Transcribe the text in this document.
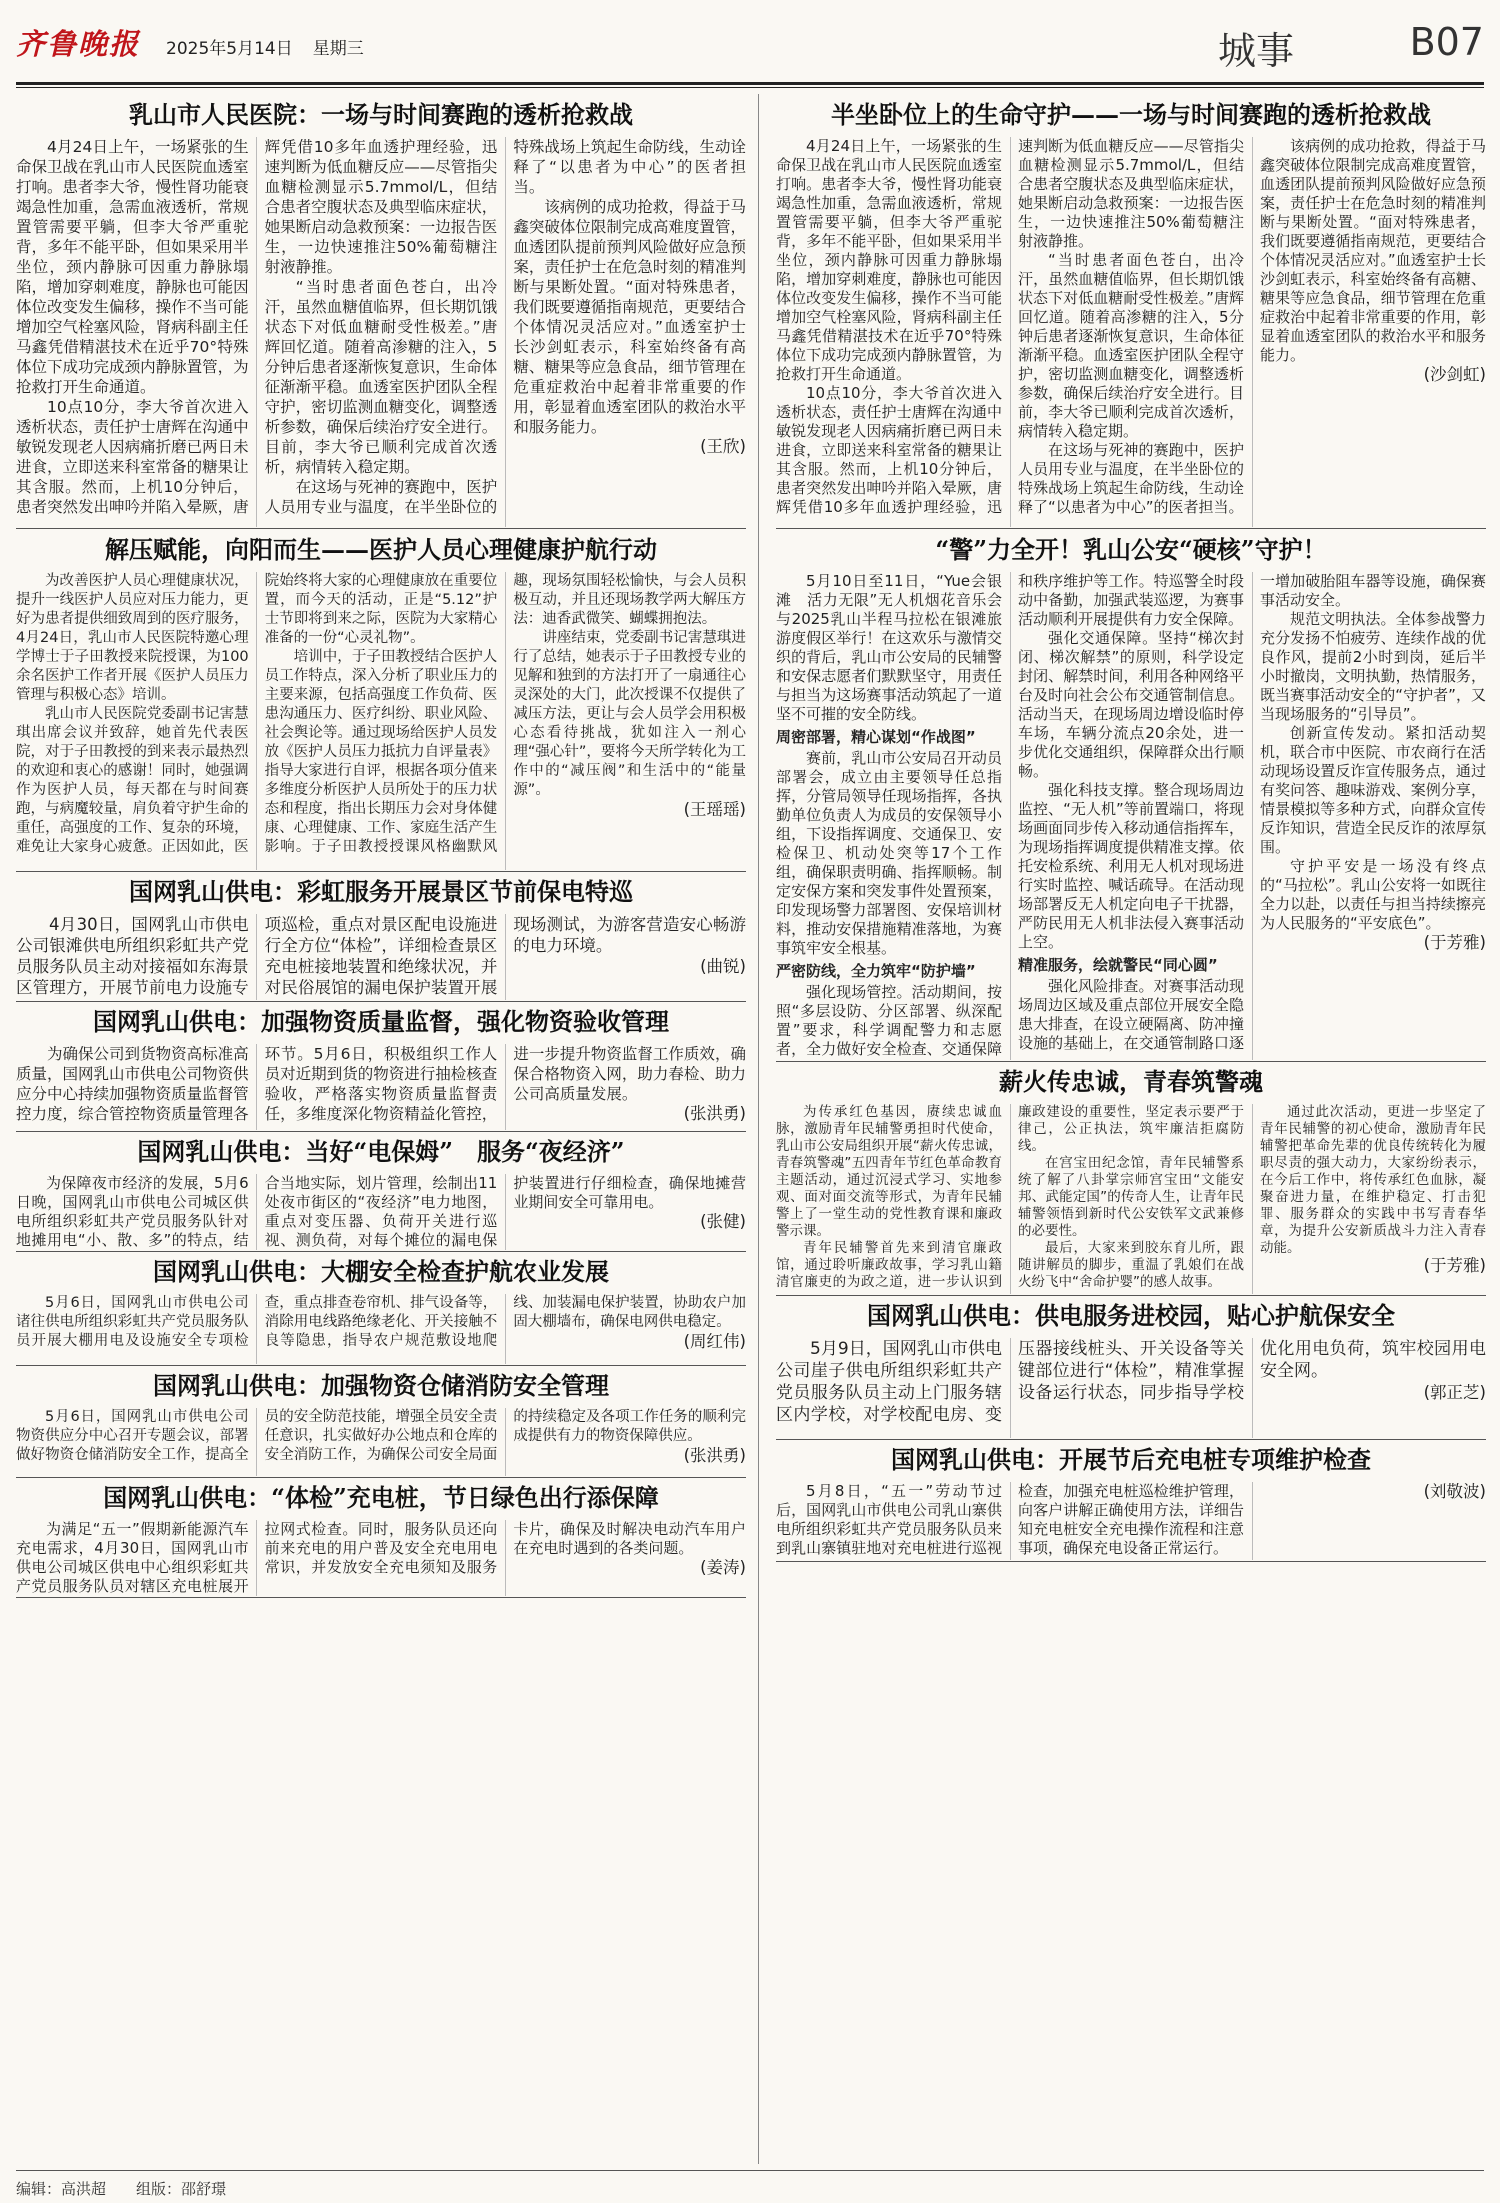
齐鲁晚报 2025年5月14日 星期三	城事	B07
乳山市人民医院：一场与时间赛跑的透析抢救战

4月24日上午，一场紧张的生命保卫战在乳山市人民医院血透室打响。患者李大爷，慢性肾功能衰竭急性加重，急需血液透析，常规置管需要平躺，但李大爷严重驼背，多年不能平卧，但如果采用半坐位，颈内静脉可因重力静脉塌陷，增加穿刺难度，静脉也可能因体位改变发生偏移，操作不当可能增加空气栓塞风险，肾病科副主任马鑫凭借精湛技术在近乎70°特殊体位下成功完成颈内静脉置管，为抢救打开生命通道。

10点10分，李大爷首次进入透析状态，责任护士唐辉在沟通中敏锐发现老人因病痛折磨已两日未进食，立即送来科室常备的糖果让其含服。然而，上机10分钟后，患者突然发出呻吟并陷入晕厥，唐辉凭借10多年血透护理经验，迅速判断为低血糖反应——尽管指尖血糖检测显示5.7mmol/L，但结合患者空腹状态及典型临床症状，她果断启动急救预案：一边报告医生，一边快速推注50%葡萄糖注射液静推。

“当时患者面色苍白，出冷汗，虽然血糖值临界，但长期饥饿状态下对低血糖耐受性极差。”唐辉回忆道。随着高渗糖的注入，5分钟后患者逐渐恢复意识，生命体征渐渐平稳。血透室医护团队全程守护，密切监测血糖变化，调整透析参数，确保后续治疗安全进行。目前，李大爷已顺利完成首次透析，病情转入稳定期。

在这场与死神的赛跑中，医护人员用专业与温度，在半坐卧位的特殊战场上筑起生命防线，生动诠释了“以患者为中心”的医者担当。

该病例的成功抢救，得益于马鑫突破体位限制完成高难度置管，血透团队提前预判风险做好应急预案，责任护士在危急时刻的精准判断与果断处置。“面对特殊患者，我们既要遵循指南规范，更要结合个体情况灵活应对。”血透室护士长沙剑虹表示，科室始终备有高糖、糖果等应急食品，细节管理在危重症救治中起着非常重要的作用，彰显着血透室团队的救治水平和服务能力。

(王欣)

半坐卧位上的生命守护——一场与时间赛跑的透析抢救战

4月24日上午，一场紧张的生命保卫战在乳山市人民医院血透室打响。患者李大爷，慢性肾功能衰竭急性加重，急需血液透析，常规置管需要平躺，但李大爷严重驼背，多年不能平卧，但如果采用半坐位，颈内静脉可因重力静脉塌陷，增加穿刺难度，静脉也可能因体位改变发生偏移，操作不当可能增加空气栓塞风险，肾病科副主任马鑫凭借精湛技术在近乎70°特殊体位下成功完成颈内静脉置管，为抢救打开生命通道。

10点10分，李大爷首次进入透析状态，责任护士唐辉在沟通中敏锐发现老人因病痛折磨已两日未进食，立即送来科室常备的糖果让其含服。然而，上机10分钟后，患者突然发出呻吟并陷入晕厥，唐辉凭借10多年血透护理经验，迅速判断为低血糖反应——尽管指尖血糖检测显示5.7mmol/L，但结合患者空腹状态及典型临床症状，她果断启动急救预案：一边报告医生，一边快速推注50%葡萄糖注射液静推。

“当时患者面色苍白，出冷汗，虽然血糖值临界，但长期饥饿状态下对低血糖耐受性极差。”唐辉回忆道。随着高渗糖的注入，5分钟后患者逐渐恢复意识，生命体征渐渐平稳。血透室医护团队全程守护，密切监测血糖变化，调整透析参数，确保后续治疗安全进行。目前，李大爷已顺利完成首次透析，病情转入稳定期。

在这场与死神的赛跑中，医护人员用专业与温度，在半坐卧位的特殊战场上筑起生命防线，生动诠释了“以患者为中心”的医者担当。

该病例的成功抢救，得益于马鑫突破体位限制完成高难度置管，血透团队提前预判风险做好应急预案，责任护士在危急时刻的精准判断与果断处置。“面对特殊患者，我们既要遵循指南规范，更要结合个体情况灵活应对。”血透室护士长沙剑虹表示，科室始终备有高糖、糖果等应急食品，细节管理在危重症救治中起着非常重要的作用，彰显着血透室团队的救治水平和服务能力。

(沙剑虹)

解压赋能，向阳而生——医护人员心理健康护航行动

为改善医护人员心理健康状况，提升一线医护人员应对压力能力，更好为患者提供细致周到的医疗服务，4月24日，乳山市人民医院特邀心理学博士于子田教授来院授课，为100余名医护工作者开展《医护人员压力管理与积极心态》培训。

乳山市人民医院党委副书记害慧琪出席会议并致辞，她首先代表医院，对于子田教授的到来表示最热烈的欢迎和衷心的感谢！同时，她强调作为医护人员，每天都在与时间赛跑，与病魔较量，肩负着守护生命的重任，高强度的工作、复杂的环境，难免让大家身心疲惫。正因如此，医院始终将大家的心理健康放在重要位置，而今天的活动，正是“5.12”护士节即将到来之际，医院为大家精心准备的一份“心灵礼物”。

培训中，于子田教授结合医护人员工作特点，深入分析了职业压力的主要来源，包括高强度工作负荷、医患沟通压力、医疗纠纷、职业风险、社会舆论等。通过现场给医护人员发放《医护人员压力抵抗力自评量表》指导大家进行自评，根据各项分值来多维度分析医护人员所处于的压力状态和程度，指出长期压力会对身体健康、心理健康、工作、家庭生活产生影响。于子田教授授课风格幽默风趣，现场氛围轻松愉快，与会人员积极互动，并且还现场教学两大解压方法：迪香武微笑、蝴蝶拥抱法。

讲座结束，党委副书记害慧琪进行了总结，她表示于子田教授专业的见解和独到的方法打开了一扇通往心灵深处的大门，此次授课不仅提供了减压方法，更让与会人员学会用积极心态看待挑战，犹如注入一剂心理“强心针”，要将今天所学转化为工作中的“减压阀”和生活中的“能量源”。

(王瑶瑶)

“警”力全开！乳山公安“硬核”守护！

5月10日至11日，“Yue会银滩　活力无限”无人机烟花音乐会与2025乳山半程马拉松在银滩旅游度假区举行！在这欢乐与激情交织的背后，乳山市公安局的民辅警和安保志愿者们默默坚守，用责任与担当为这场赛事活动筑起了一道坚不可摧的安全防线。

周密部署，精心谋划“作战图”

赛前，乳山市公安局召开动员部署会，成立由主要领导任总指挥，分管局领导任现场指挥，各执勤单位负责人为成员的安保领导小组，下设指挥调度、交通保卫、安检保卫、机动处突等17个工作组，确保职责明确、指挥顺畅。制定安保方案和突发事件处置预案，印发现场警力部署图、安保培训材料，推动安保措施精准落地，为赛事筑牢安全根基。

严密防线，全力筑牢“防护墙”

强化现场管控。活动期间，按照“多层设防、分区部署、纵深配置”要求，科学调配警力和志愿者，全力做好安全检查、交通保障和秩序维护等工作。特巡警全时段动中备勤，加强武装巡逻，为赛事活动顺利开展提供有力安全保障。

强化交通保障。坚持“梯次封闭、梯次解禁”的原则，科学设定封闭、解禁时间，利用各种网络平台及时向社会公布交通管制信息。活动当天，在现场周边增设临时停车场，车辆分流点20余处，进一步优化交通组织，保障群众出行顺畅。

强化科技支撑。整合现场周边监控、“无人机”等前置端口，将现场画面同步传入移动通信指挥车，为现场指挥调度提供精准支撑。依托安检系统、利用无人机对现场进行实时监控、喊话疏导。在活动现场部署反无人机定向电子干扰器，严防民用无人机非法侵入赛事活动上空。

精准服务，绘就警民“同心圆”

强化风险排查。对赛事活动现场周边区域及重点部位开展安全隐患大排查，在设立硬隔离、防冲撞设施的基础上，在交通管制路口逐一增加破胎阻车器等设施，确保赛事活动安全。

规范文明执法。全体参战警力充分发扬不怕疲劳、连续作战的优良作风，提前2小时到岗，延后半小时撤岗，文明执勤，热情服务，既当赛事活动安全的“守护者”，又当现场服务的“引导员”。

创新宣传发动。紧扣活动契机，联合市中医院、市农商行在活动现场设置反诈宣传服务点，通过有奖问答、趣味游戏、案例分享，情景模拟等多种方式，向群众宣传反诈知识，营造全民反诈的浓厚氛围。

守护平安是一场没有终点的“马拉松”。乳山公安将一如既往全力以赴，以责任与担当持续擦亮为人民服务的“平安底色”。

(于芳雅)

国网乳山供电：彩虹服务开展景区节前保电特巡

4月30日，国网乳山市供电公司银滩供电所组织彩虹共产党员服务队员主动对接福如东海景区管理方，开展节前电力设施专项巡检，重点对景区配电设施进行全方位“体检”，详细检查景区充电桩接地装置和绝缘状况，并对民俗展馆的漏电保护装置开展现场测试，为游客营造安心畅游的电力环境。

(曲锐)

国网乳山供电：加强物资质量监督，强化物资验收管理

为确保公司到货物资高标准高质量，国网乳山市供电公司物资供应分中心持续加强物资质量监督管控力度，综合管控物资质量管理各环节。5月6日，积极组织工作人员对近期到货的物资进行抽检核查验收，严格落实物资质量监督责任，多维度深化物资精益化管控，进一步提升物资监督工作质效，确保合格物资入网，助力春检、助力公司高质量发展。

(张洪勇)

国网乳山供电：当好“电保姆”　服务“夜经济”

为保障夜市经济的发展，5月6日晚，国网乳山市供电公司城区供电所组织彩虹共产党员服务队针对地摊用电“小、散、多”的特点，结合当地实际，划片管理，绘制出11处夜市街区的“夜经济”电力地图，重点对变压器、负荷开关进行巡视、测负荷，对每个摊位的漏电保护装置进行仔细检查，确保地摊营业期间安全可靠用电。

(张健)

国网乳山供电：大棚安全检查护航农业发展

5月6日，国网乳山市供电公司诸往供电所组织彩虹共产党员服务队员开展大棚用电及设施安全专项检查，重点排查卷帘机、排气设备等，消除用电线路绝缘老化、开关接触不良等隐患，指导农户规范敷设地爬线、加装漏电保护装置，协助农户加固大棚墙布，确保电网供电稳定。

(周红伟)

国网乳山供电：加强物资仓储消防安全管理

5月6日，国网乳山市供电公司物资供应分中心召开专题会议，部署做好物资仓储消防安全工作，提高全员的安全防范技能，增强全员安全责任意识，扎实做好办公地点和仓库的安全消防工作，为确保公司安全局面的持续稳定及各项工作任务的顺利完成提供有力的物资保障供应。

(张洪勇)

国网乳山供电：“体检”充电桩，节日绿色出行添保障

为满足“五一”假期新能源汽车充电需求，4月30日，国网乳山市供电公司城区供电中心组织彩虹共产党员服务队员对辖区充电桩展开拉网式检查。同时，服务队员还向前来充电的用户普及安全充电用电常识，并发放安全充电须知及服务卡片，确保及时解决电动汽车用户在充电时遇到的各类问题。

(姜涛)

薪火传忠诚，青春筑警魂

为传承红色基因，赓续忠诚血脉，激励青年民辅警勇担时代使命，乳山市公安局组织开展“薪火传忠诚，青春筑警魂”五四青年节红色革命教育主题活动，通过沉浸式学习、实地参观、面对面交流等形式，为青年民辅警上了一堂生动的党性教育课和廉政警示课。

青年民辅警首先来到清官廉政馆，通过聆听廉政故事，学习乳山籍清官廉吏的为政之道，进一步认识到廉政建设的重要性，坚定表示要严于律己，公正执法，筑牢廉洁拒腐防线。

在宫宝田纪念馆，青年民辅警系统了解了八卦掌宗师宫宝田“文能安邦、武能定国”的传奇人生，让青年民辅警领悟到新时代公安铁军文武兼修的必要性。

最后，大家来到胶东育儿所，跟随讲解员的脚步，重温了乳娘们在战火纷飞中“舍命护婴”的感人故事。

通过此次活动，更进一步坚定了青年民辅警的初心使命，激励青年民辅警把革命先辈的优良传统转化为履职尽责的强大动力，大家纷纷表示，在今后工作中，将传承红色血脉，凝聚奋进力量，在维护稳定、打击犯罪、服务群众的实践中书写青春华章，为提升公安新质战斗力注入青春动能。

(于芳雅)

国网乳山供电：供电服务进校园，贴心护航保安全

5月9日，国网乳山市供电公司崖子供电所组织彩虹共产党员服务队员主动上门服务辖区内学校，对学校配电房、变压器接线桩头、开关设备等关键部位进行“体检”，精准掌握设备运行状态，同步指导学校优化用电负荷，筑牢校园用电安全网。

(郭正芝)

国网乳山供电：开展节后充电桩专项维护检查

5月8日，“五一”劳动节过后，国网乳山市供电公司乳山寨供电所组织彩虹共产党员服务队员来到乳山寨镇驻地对充电桩进行巡视检查，加强充电桩巡检维护管理，向客户讲解正确使用方法，详细告知充电桩安全充电操作流程和注意事项，确保充电设备正常运行。

(刘敬波)

编辑：高洪超 组版：邵舒璟
